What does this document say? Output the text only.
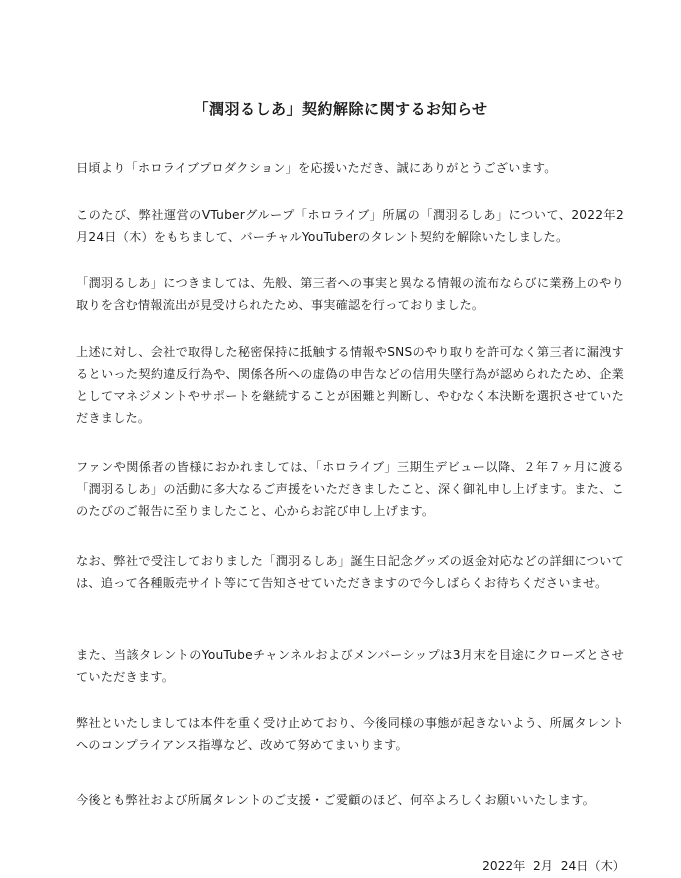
「潤羽るしあ」契約解除に関するお知らせ

日頃より「ホロライブプロダクション」を応援いただき、誠にありがとうございます。

このたび、弊社運営のVTuberグループ「ホロライブ」所属の「潤羽るしあ」について、2022年2月24日（木）をもちまして、バーチャルYouTuberのタレント契約を解除いたしました。

「潤羽るしあ」につきましては、先般、第三者への事実と異なる情報の流布ならびに業務上のやり取りを含む情報流出が見受けられたため、事実確認を行っておりました。

上述に対し、会社で取得した秘密保持に抵触する情報やSNSのやり取りを許可なく第三者に漏洩するといった契約違反行為や、関係各所への虚偽の申告などの信用失墜行為が認められたため、企業としてマネジメントやサポートを継続することが困難と判断し、やむなく本決断を選択させていただきました。

ファンや関係者の皆様におかれましては、「ホロライブ」三期生デビュー以降、２年７ヶ月に渡る「潤羽るしあ」の活動に多大なるご声援をいただきましたこと、深く御礼申し上げます。また、このたびのご報告に至りましたこと、心からお詫び申し上げます。

なお、弊社で受注しておりました「潤羽るしあ」誕生日記念グッズの返金対応などの詳細については、追って各種販売サイト等にて告知させていただきますので今しばらくお待ちくださいませ。

また、当該タレントのYouTubeチャンネルおよびメンバーシップは3月末を目途にクローズとさせていただきます。

弊社といたしましては本件を重く受け止めており、今後同様の事態が起きないよう、所属タレントへのコンプライアンス指導など、改めて努めてまいります。

今後とも弊社および所属タレントのご支援・ご愛顧のほど、何卒よろしくお願いいたします。

2022年  2月  24日（木）
